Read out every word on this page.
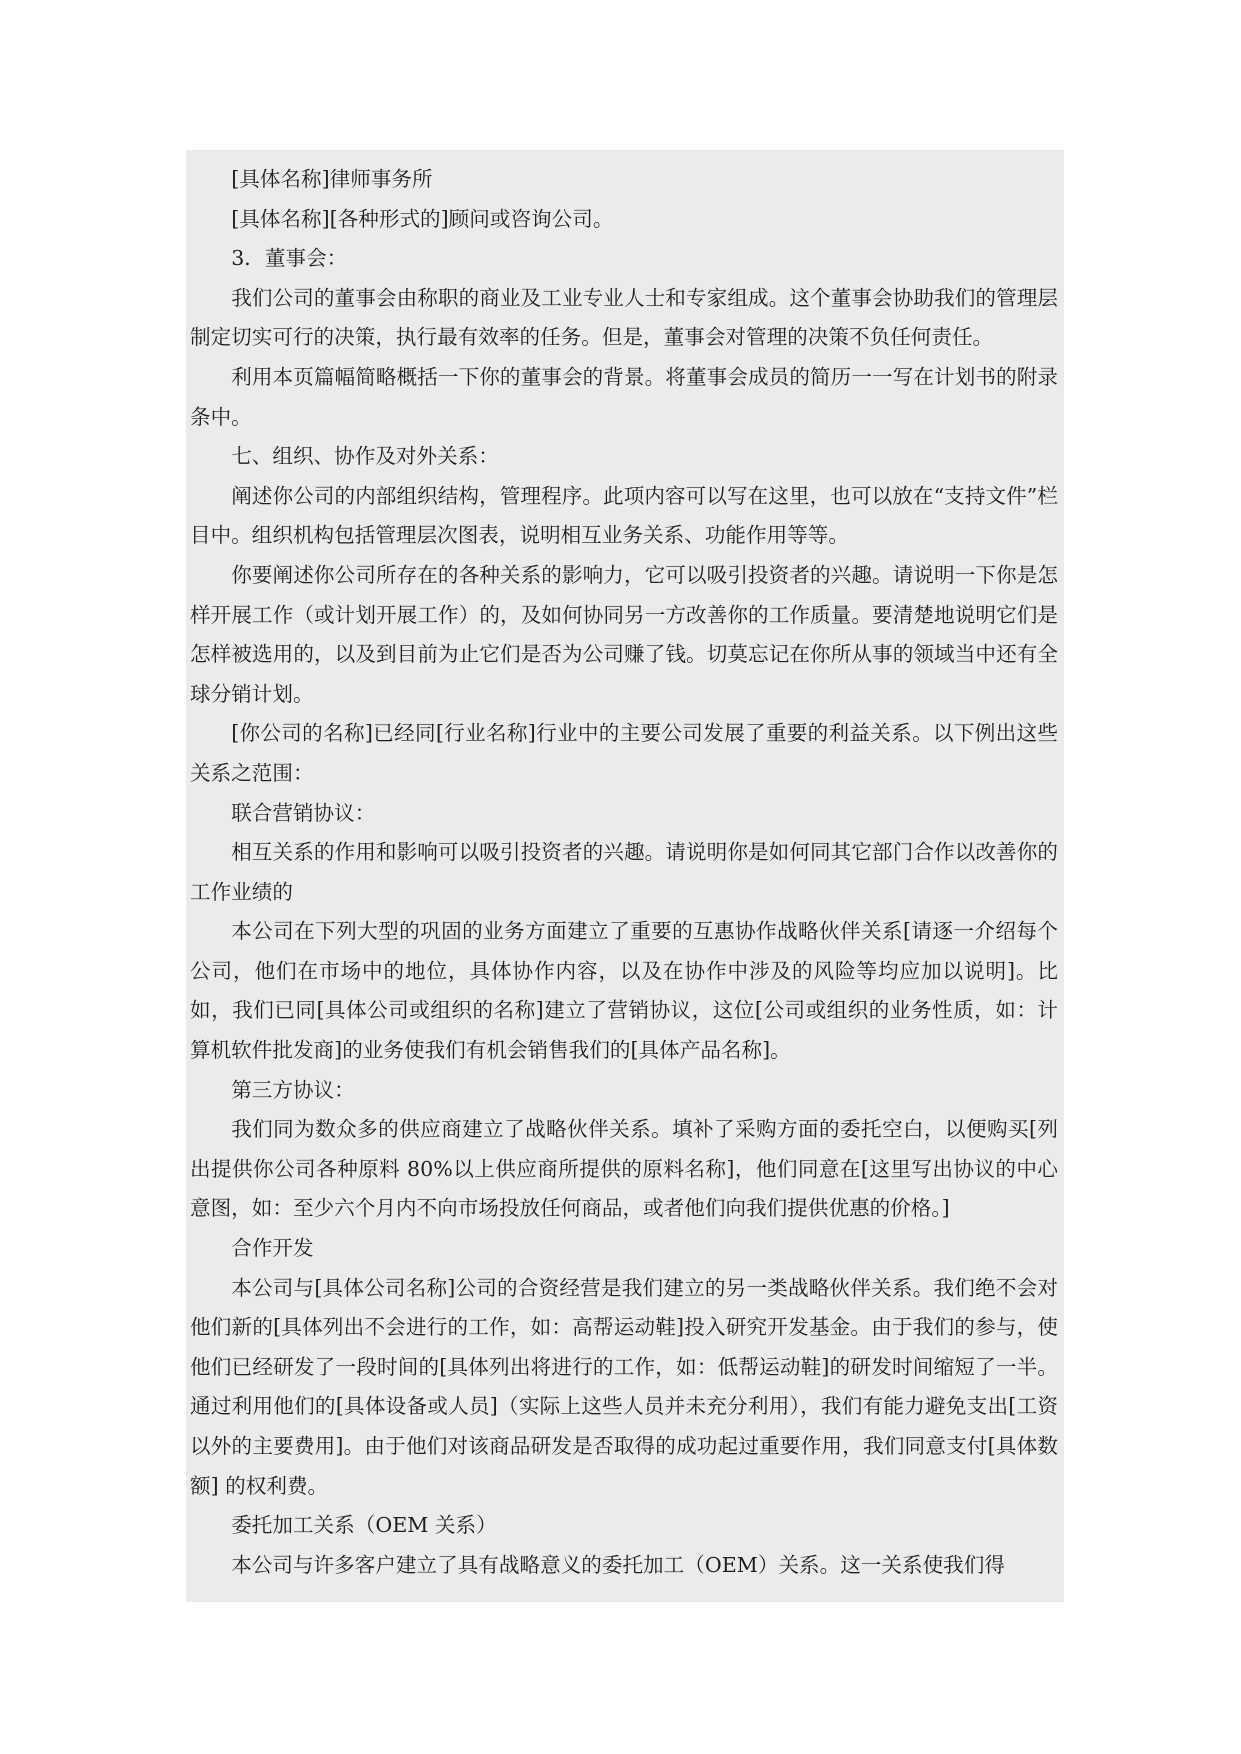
[具体名称]律师事务所

[具体名称][各种形式的]顾问或咨询公司。

3．董事会：

我们公司的董事会由称职的商业及工业专业人士和专家组成。这个董事会协助我们的管理层制定切实可行的决策，执行最有效率的任务。但是，董事会对管理的决策不负任何责任。

利用本页篇幅简略概括一下你的董事会的背景。将董事会成员的简历一一写在计划书的附录条中。

七、组织、协作及对外关系：

阐述你公司的内部组织结构，管理程序。此项内容可以写在这里，也可以放在“支持文件”栏目中。组织机构包括管理层次图表，说明相互业务关系、功能作用等等。

你要阐述你公司所存在的各种关系的影响力，它可以吸引投资者的兴趣。请说明一下你是怎样开展工作（或计划开展工作）的，及如何协同另一方改善你的工作质量。要清楚地说明它们是怎样被选用的，以及到目前为止它们是否为公司赚了钱。切莫忘记在你所从事的领域当中还有全球分销计划。

[你公司的名称]已经同[行业名称]行业中的主要公司发展了重要的利益关系。以下例出这些关系之范围：

联合营销协议：

相互关系的作用和影响可以吸引投资者的兴趣。请说明你是如何同其它部门合作以改善你的工作业绩的

本公司在下列大型的巩固的业务方面建立了重要的互惠协作战略伙伴关系[请逐一介绍每个公司，他们在市场中的地位，具体协作内容，以及在协作中涉及的风险等均应加以说明]。比如，我们已同[具体公司或组织的名称]建立了营销协议，这位[公司或组织的业务性质，如：计算机软件批发商]的业务使我们有机会销售我们的[具体产品名称]。

第三方协议：

我们同为数众多的供应商建立了战略伙伴关系。填补了采购方面的委托空白，以便购买[列出提供你公司各种原料 80%以上供应商所提供的原料名称]，他们同意在[这里写出协议的中心意图，如：至少六个月内不向市场投放任何商品，或者他们向我们提供优惠的价格。]

合作开发

本公司与[具体公司名称]公司的合资经营是我们建立的另一类战略伙伴关系。我们绝不会对他们新的[具体列出不会进行的工作，如：高帮运动鞋]投入研究开发基金。由于我们的参与，使他们已经研发了一段时间的[具体列出将进行的工作，如：低帮运动鞋]的研发时间缩短了一半。通过利用他们的[具体设备或人员]（实际上这些人员并未充分利用），我们有能力避免支出[工资以外的主要费用]。由于他们对该商品研发是否取得的成功起过重要作用，我们同意支付[具体数额] 的权利费。

委托加工关系（OEM 关系）

本公司与许多客户建立了具有战略意义的委托加工（OEM）关系。这一关系使我们得
